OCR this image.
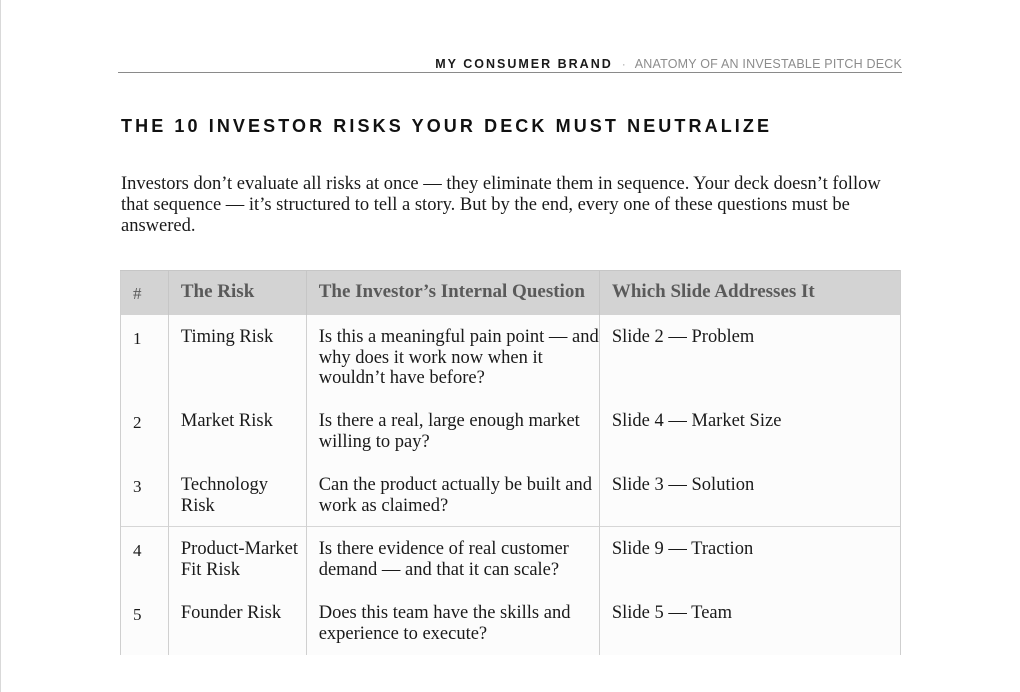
MY CONSUMER BRAND · ANATOMY OF AN INVESTABLE PITCH DECK
THE 10 INVESTOR RISKS YOUR DECK MUST NEUTRALIZE

Investors don’t evaluate all risks at once — they eliminate them in sequence. Your deck doesn’t follow that sequence — it’s structured to tell a story. But by the end, every one of these questions must be answered.

#	The Risk	The Investor’s Internal Question	Which Slide Addresses It
1	Timing Risk	Is this a meaningful pain point — and why does it work now when it wouldn’t have before?	Slide 2 — Problem
2	Market Risk	Is there a real, large enough market willing to pay?	Slide 4 — Market Size
3	Technology Risk	Can the product actually be built and work as claimed?	Slide 3 — Solution
4	Product-Market Fit Risk	Is there evidence of real customer demand — and that it can scale?	Slide 9 — Traction
5	Founder Risk	Does this team have the skills and experience to execute?	Slide 5 — Team
